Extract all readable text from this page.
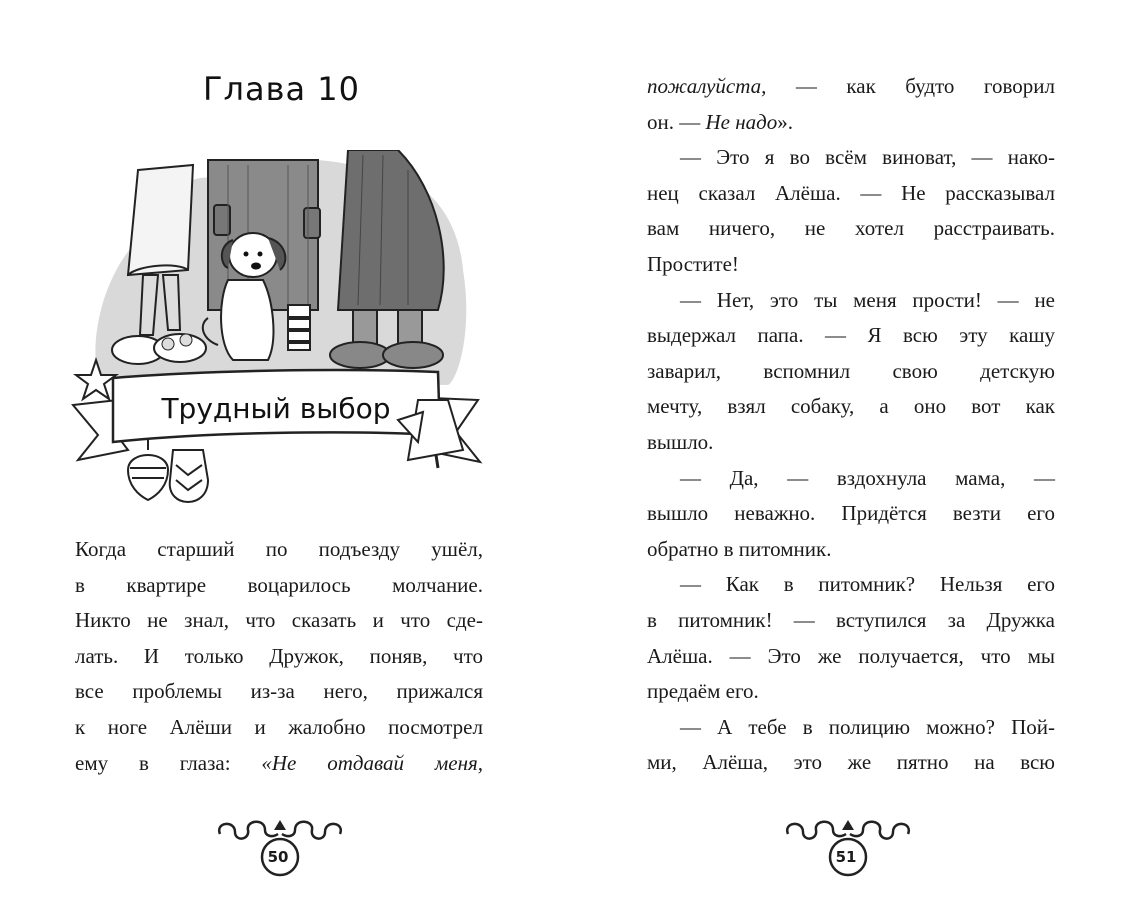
Глава 10
Трудный выбор

Когда старший по подъезду ушёл,
в квартире воцарилось молчание.
Никто не знал, что сказать и что сде-
лать. И только Дружок, поняв, что
все проблемы из-за него, прижался
к ноге Алёши и жалобно посмотрел
ему в глаза: «Не отдавай меня,

50

пожалуйста, — как будто говорил
он. — Не надо».
— Это я во всём виноват, — нако-
нец сказал Алёша. — Не рассказывал
вам ничего, не хотел расстраивать.
Простите!
— Нет, это ты меня прости! — не
выдержал папа. — Я всю эту кашу
заварил, вспомнил свою детскую
мечту, взял собаку, а оно вот как
вышло.
— Да, — вздохнула мама, —
вышло неважно. Придётся везти его
обратно в питомник.
— Как в питомник? Нельзя его
в питомник! — вступился за Дружка
Алёша. — Это же получается, что мы
предаём его.
— А тебе в полицию можно? Пой-
ми, Алёша, это же пятно на всю

51
